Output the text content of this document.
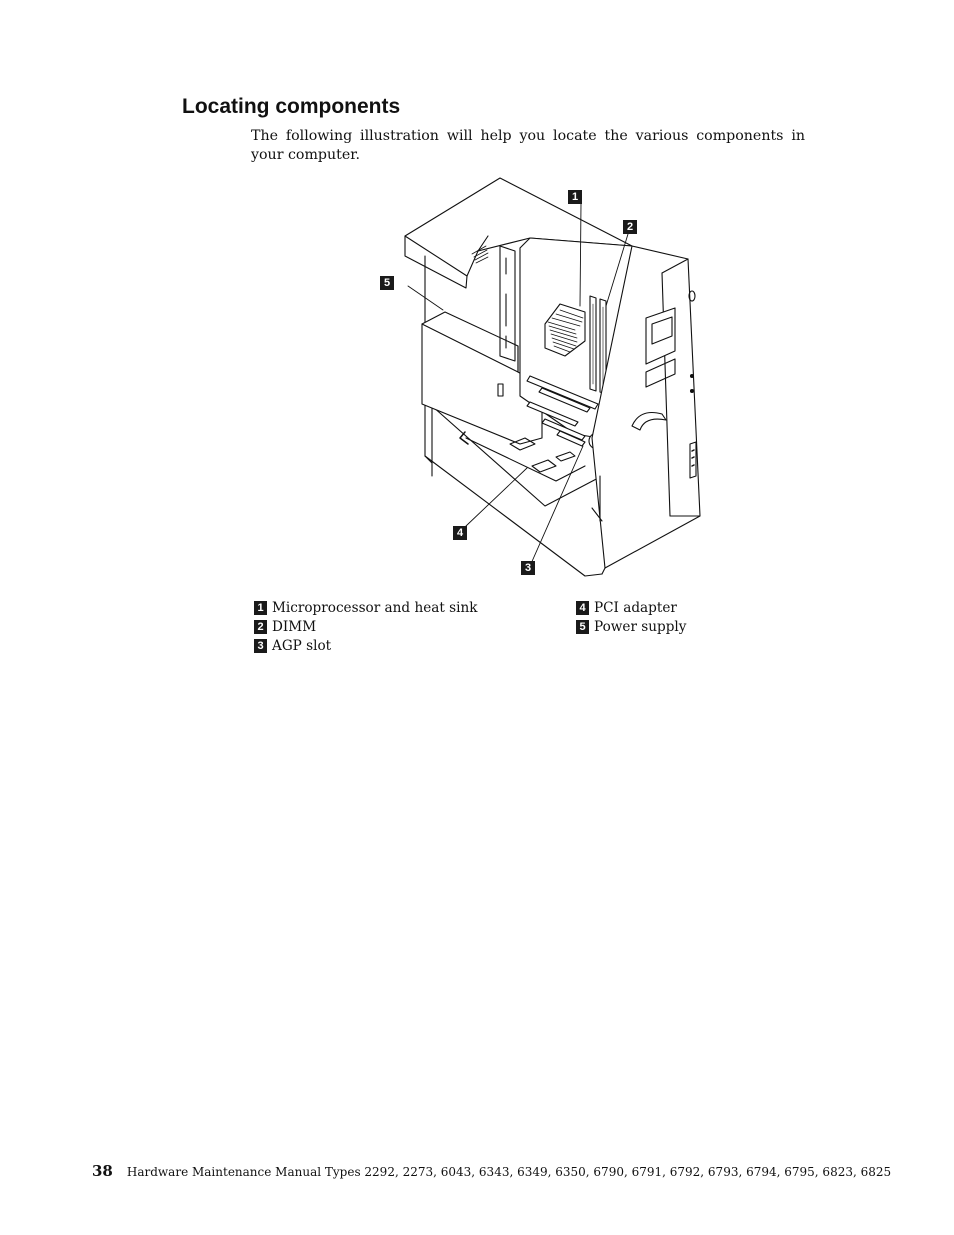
Locating components

The following illustration will help you locate the various components in your computer.

1
2
3
4
5
1 Microprocessor and heat sink
2 DIMM
3 AGP slot
4 PCI adapter
5 Power supply
38 Hardware Maintenance Manual Types 2292, 2273, 6043, 6343, 6349, 6350, 6790, 6791, 6792, 6793, 6794, 6795, 6823, 6825
